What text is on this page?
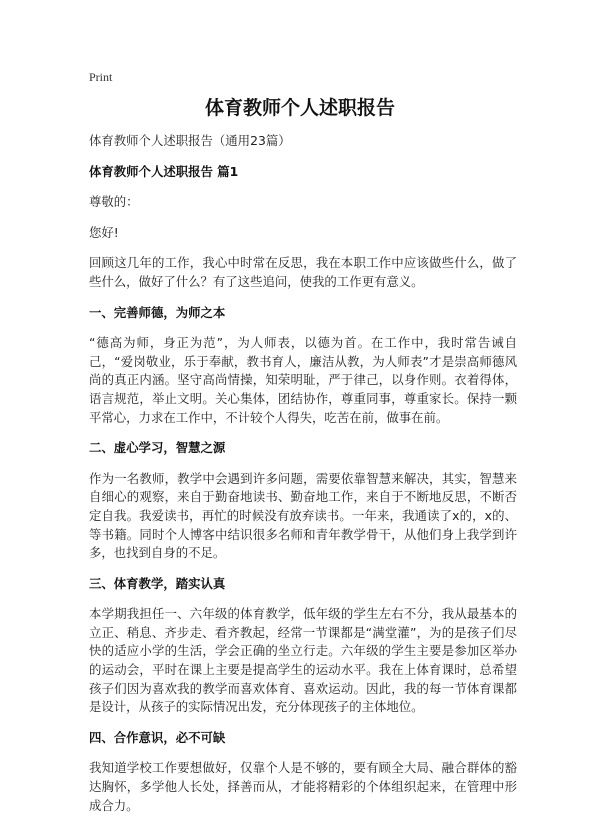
Print
体育教师个人述职报告

体育教师个人述职报告（通用23篇）

体育教师个人述职报告 篇1

尊敬的：

您好!

回顾这几年的工作，我心中时常在反思，我在本职工作中应该做些什么，做了些什么，做好了什么？有了这些追问，使我的工作更有意义。

一、完善师德，为师之本

“德高为师，身正为范”，为人师表，以德为首。在工作中，我时常告诫自己，“爱岗敬业，乐于奉献，教书育人，廉洁从教，为人师表”才是崇高师德风尚的真正内涵。坚守高尚情操，知荣明耻，严于律己，以身作则。衣着得体，语言规范，举止文明。关心集体，团结协作，尊重同事，尊重家长。保持一颗平常心，力求在工作中，不计较个人得失，吃苦在前，做事在前。

二、虚心学习，智慧之源

作为一名教师，教学中会遇到许多问题，需要依靠智慧来解决，其实，智慧来自细心的观察，来自于勤奋地读书、勤奋地工作，来自于不断地反思，不断否定自我。我爱读书，再忙的时候没有放弃读书。一年来，我通读了x的，x的、等书籍。同时个人博客中结识很多名师和青年教学骨干，从他们身上我学到许多，也找到自身的不足。

三、体育教学，踏实认真

本学期我担任一、六年级的体育教学，低年级的学生左右不分，我从最基本的立正、稍息、齐步走、看齐教起，经常一节课都是“满堂灌”，为的是孩子们尽快的适应小学的生活，学会正确的坐立行走。六年级的学生主要是参加区举办的运动会，平时在课上主要是提高学生的运动水平。我在上体育课时，总希望孩子们因为喜欢我的教学而喜欢体育、喜欢运动。因此，我的每一节体育课都是设计，从孩子的实际情况出发，充分体现孩子的主体地位。

四、合作意识，必不可缺

我知道学校工作要想做好，仅靠个人是不够的，要有顾全大局、融合群体的豁达胸怀，多学他人长处，择善而从，才能将精彩的个体组织起来，在管理中形成合力。
